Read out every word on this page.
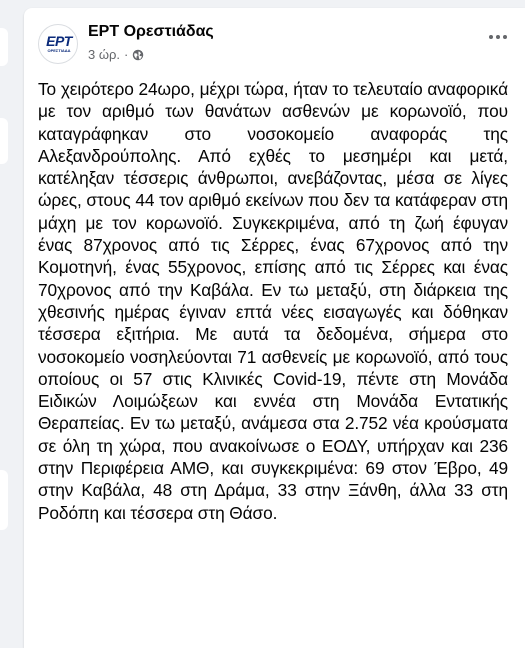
ΕΡΤ
ΟΡΕΣΤΙΑΔΑ
ΕΡΤ Ορεστιάδας
3 ώρ. ·
Το χειρότερο 24ωρο, μέχρι τώρα, ήταν το τελευταίο αναφορικά με τον αριθμό των θανάτων ασθενών με κορωνοϊό, που καταγράφηκαν στο νοσοκομείο αναφοράς της Αλεξανδρούπολης. Από εχθές το μεσημέρι και μετά, κατέληξαν τέσσερις άνθρωποι, ανεβάζοντας, μέσα σε λίγες ώρες, στους 44 τον αριθμό εκείνων που δεν τα κατάφεραν στη μάχη με τον κορωνοϊό. Συγκεκριμένα, από τη ζωή έφυγαν ένας 87χρονος από τις Σέρρες, ένας 67χρονος από την Κομοτηνή, ένας 55χρονος, επίσης από τις Σέρρες και ένας 70χρονος από την Καβάλα. Εν τω μεταξύ, στη διάρκεια της χθεσινής ημέρας έγιναν επτά νέες εισαγωγές και δόθηκαν τέσσερα εξιτήρια. Με αυτά τα δεδομένα, σήμερα στο νοσοκομείο νοσηλεύονται 71 ασθενείς με κορωνοϊό, από τους οποίους οι 57 στις Κλινικές Covid-19, πέντε στη Μονάδα Ειδικών Λοιμώξεων και εννέα στη Μονάδα Εντατικής Θεραπείας. Εν τω μεταξύ, ανάμεσα στα 2.752 νέα κρούσματα σε όλη τη χώρα, που ανακοίνωσε ο ΕΟΔΥ, υπήρχαν και 236 στην Περιφέρεια ΑΜΘ, και συγκεκριμένα: 69 στον Έβρο, 49 στην Καβάλα, 48 στη Δράμα, 33 στην Ξάνθη, άλλα 33 στη Ροδόπη και τέσσερα στη Θάσο.
